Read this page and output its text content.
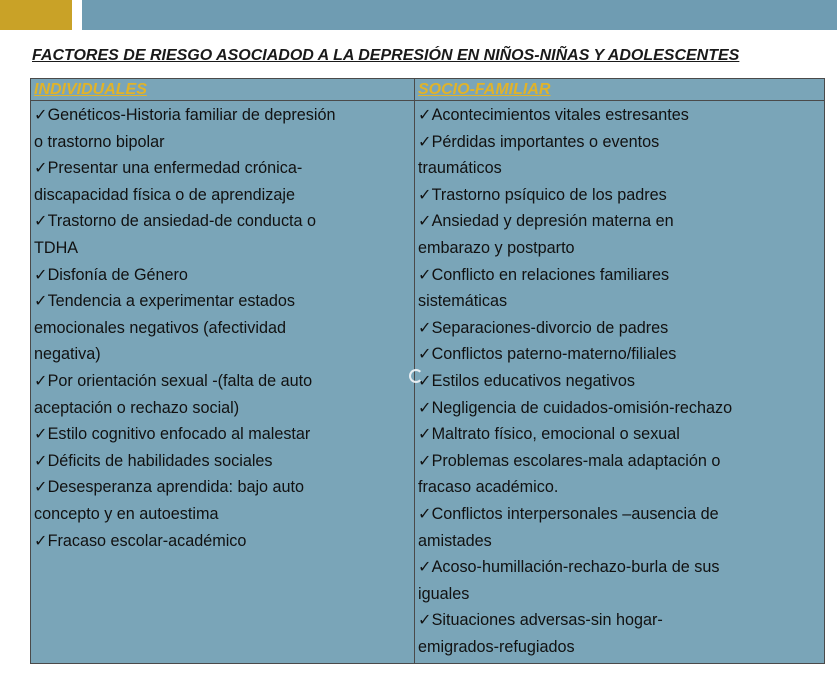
FACTORES DE RIESGO ASOCIADOD A LA DEPRESIÓN EN NIÑOS-NIÑAS Y ADOLESCENTES
INDIVIDUALES
✓Genéticos-Historia familiar de depresión
o trastorno bipolar
✓Presentar una enfermedad crónica-
discapacidad física o de aprendizaje
✓Trastorno de ansiedad-de conducta o
TDHA
✓Disfonía de Género
✓Tendencia a experimentar estados
emocionales negativos (afectividad
negativa)
✓Por orientación sexual -(falta de auto
aceptación o rechazo social)
✓Estilo cognitivo enfocado al malestar
✓Déficits de habilidades sociales
✓Desesperanza aprendida: bajo auto
concepto y en autoestima
✓Fracaso escolar-académico
SOCIO-FAMILIAR
✓Acontecimientos vitales estresantes
✓Pérdidas importantes o eventos
traumáticos
✓Trastorno psíquico de los padres
✓Ansiedad y depresión materna en
embarazo y postparto
✓Conflicto en relaciones familiares
sistemáticas
✓Separaciones-divorcio de padres
✓Conflictos paterno-materno/filiales
✓Estilos educativos negativos
✓Negligencia de cuidados-omisión-rechazo
✓Maltrato físico, emocional o sexual
✓Problemas escolares-mala adaptación o
fracaso académico.
✓Conflictos interpersonales –ausencia de
amistades
✓Acoso-humillación-rechazo-burla de sus
iguales
✓Situaciones adversas-sin hogar-
emigrados-refugiados
